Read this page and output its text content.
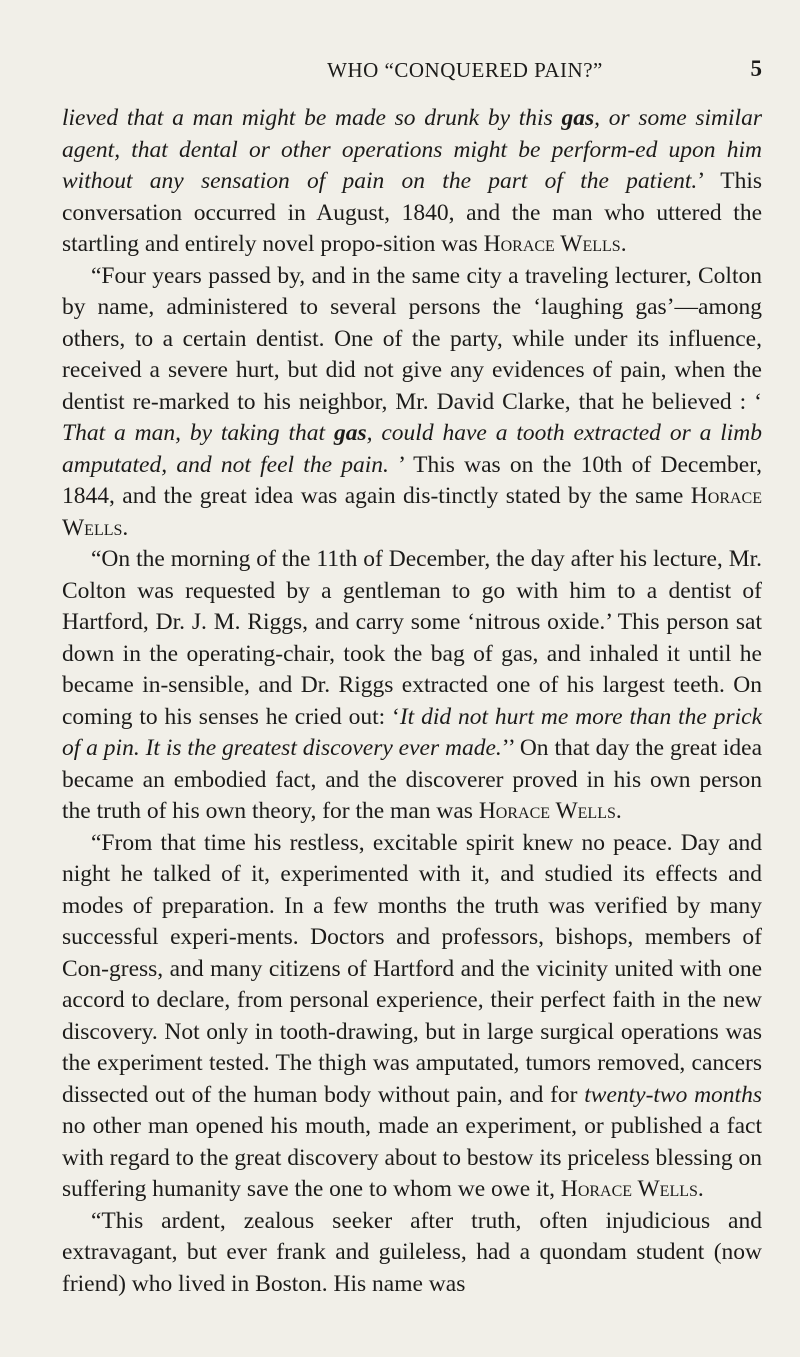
WHO “CONQUERED PAIN?”	5

lieved that a man might be made so drunk by this gas, or some similar agent, that dental or other operations might be perform-ed upon him without any sensation of pain on the part of the patient.’ This conversation occurred in August, 1840, and the man who uttered the startling and entirely novel propo-sition was Horace Wells.

“Four years passed by, and in the same city a traveling lecturer, Colton by name, administered to several persons the ‘laughing gas’—among others, to a certain dentist. One of the party, while under its influence, received a severe hurt, but did not give any evidences of pain, when the dentist re-marked to his neighbor, Mr. David Clarke, that he believed : ‘ That a man, by taking that gas, could have a tooth extracted or a limb amputated, and not feel the pain. ’ This was on the 10th of December, 1844, and the great idea was again dis-tinctly stated by the same Horace Wells.

“On the morning of the 11th of December, the day after his lecture, Mr. Colton was requested by a gentleman to go with him to a dentist of Hartford, Dr. J. M. Riggs, and carry some ‘nitrous oxide.’ This person sat down in the operating-chair, took the bag of gas, and inhaled it until he became in-sensible, and Dr. Riggs extracted one of his largest teeth. On coming to his senses he cried out: ‘It did not hurt me more than the prick of a pin. It is the greatest discovery ever made.’’ On that day the great idea became an embodied fact, and the discoverer proved in his own person the truth of his own theory, for the man was Horace Wells.

“From that time his restless, excitable spirit knew no peace. Day and night he talked of it, experimented with it, and studied its effects and modes of preparation. In a few months the truth was verified by many successful experi-ments. Doctors and professors, bishops, members of Con-gress, and many citizens of Hartford and the vicinity united with one accord to declare, from personal experience, their perfect faith in the new discovery. Not only in tooth-drawing, but in large surgical operations was the experiment tested. The thigh was amputated, tumors removed, cancers dissected out of the human body without pain, and for twenty-two months no other man opened his mouth, made an experiment, or published a fact with regard to the great discovery about to bestow its priceless blessing on suffering humanity save the one to whom we owe it, Horace Wells.

“This ardent, zealous seeker after truth, often injudicious and extravagant, but ever frank and guileless, had a quondam student (now friend) who lived in Boston. His name was
